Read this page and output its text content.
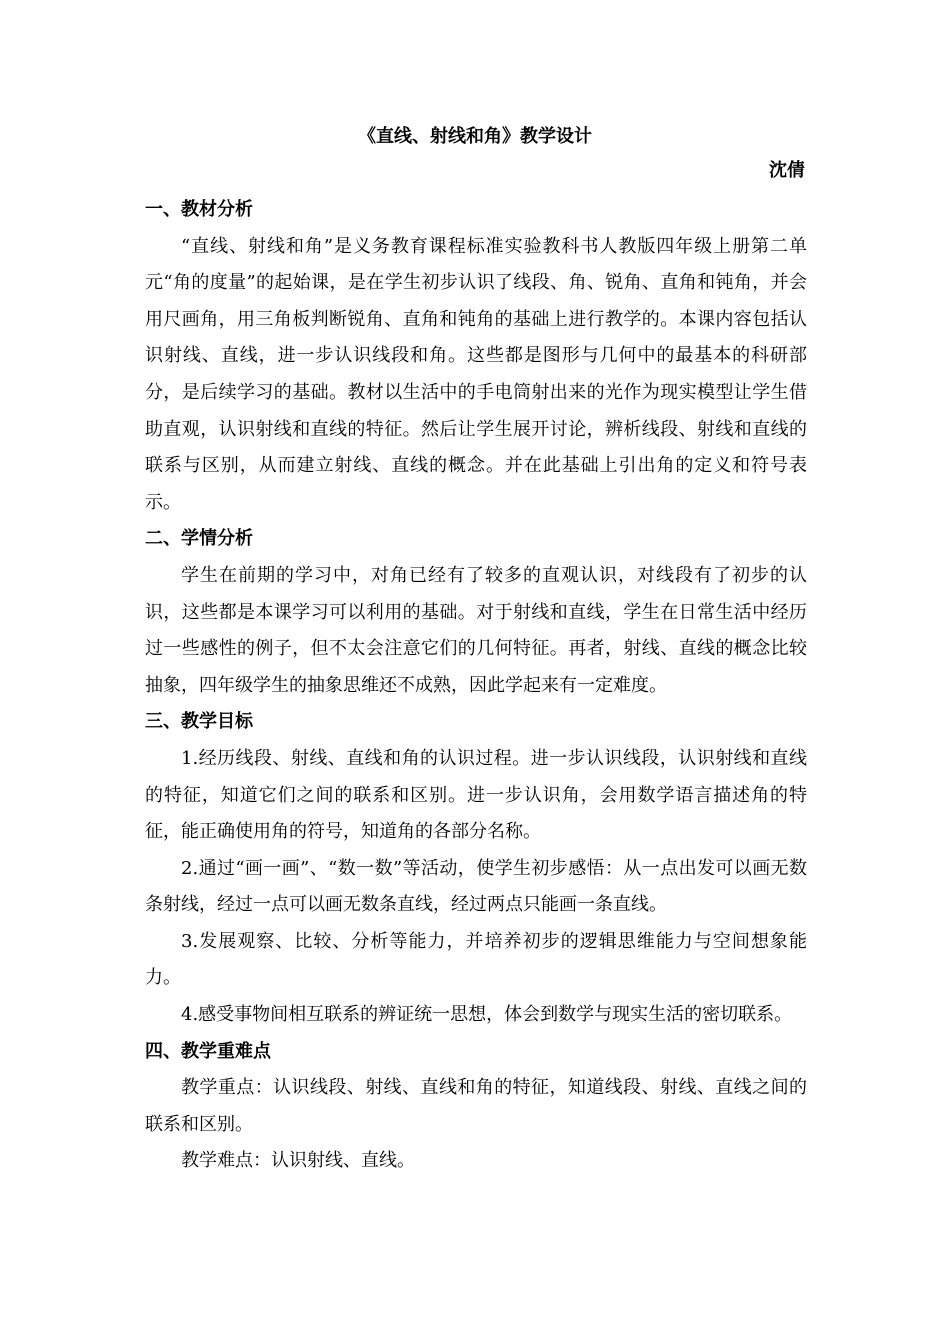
《直线、射线和角》教学设计
沈倩

一、教材分析

“直线、射线和角”是义务教育课程标准实验教科书人教版四年级上册第二单元“角的度量”的起始课，是在学生初步认识了线段、角、锐角、直角和钝角，并会用尺画角，用三角板判断锐角、直角和钝角的基础上进行教学的。本课内容包括认识射线、直线，进一步认识线段和角。这些都是图形与几何中的最基本的科研部分，是后续学习的基础。教材以生活中的手电筒射出来的光作为现实模型让学生借助直观，认识射线和直线的特征。然后让学生展开讨论，辨析线段、射线和直线的联系与区别，从而建立射线、直线的概念。并在此基础上引出角的定义和符号表示。

二、学情分析

学生在前期的学习中，对角已经有了较多的直观认识，对线段有了初步的认识，这些都是本课学习可以利用的基础。对于射线和直线，学生在日常生活中经历过一些感性的例子，但不太会注意它们的几何特征。再者，射线、直线的概念比较抽象，四年级学生的抽象思维还不成熟，因此学起来有一定难度。

三、教学目标

1.经历线段、射线、直线和角的认识过程。进一步认识线段，认识射线和直线的特征，知道它们之间的联系和区别。进一步认识角，会用数学语言描述角的特征，能正确使用角的符号，知道角的各部分名称。

2.通过“画一画”、“数一数”等活动，使学生初步感悟：从一点出发可以画无数条射线，经过一点可以画无数条直线，经过两点只能画一条直线。

3.发展观察、比较、分析等能力，并培养初步的逻辑思维能力与空间想象能力。

4.感受事物间相互联系的辨证统一思想，体会到数学与现实生活的密切联系。

四、教学重难点

教学重点：认识线段、射线、直线和角的特征，知道线段、射线、直线之间的联系和区别。

教学难点：认识射线、直线。
